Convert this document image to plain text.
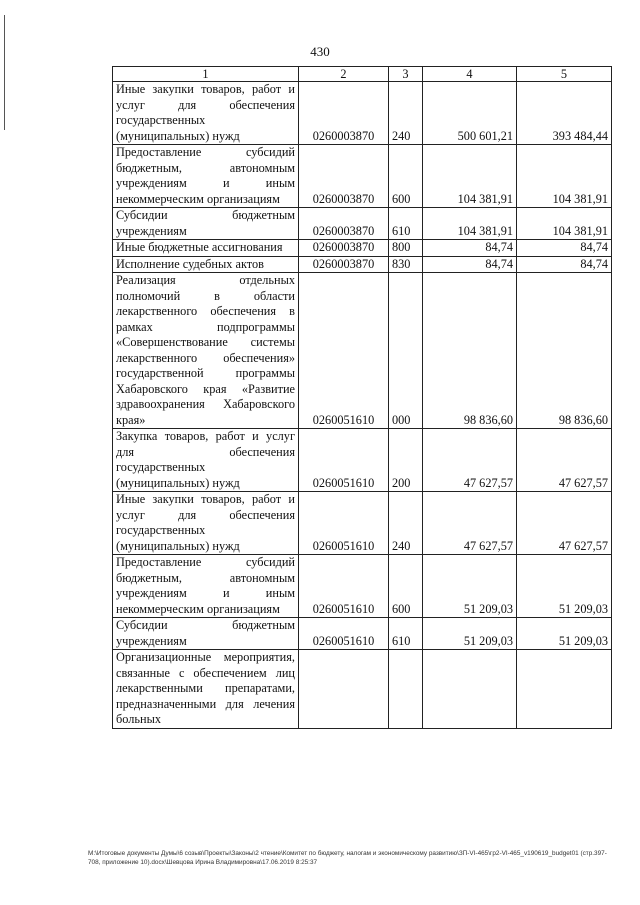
430
1	2	3	4	5
Иные закупки товаров, работ и услуг для обеспечения государственных (муниципальных) нужд	0260003870	240	500 601,21	393 484,44
Предоставление субсидий бюджетным, автономным учреждениям и иным некоммерческим организациям	0260003870	600	104 381,91	104 381,91
Субсидии бюджетным учреждениям	0260003870	610	104 381,91	104 381,91
Иные бюджетные ассигнования	0260003870	800	84,74	84,74
Исполнение судебных актов	0260003870	830	84,74	84,74
Реализация отдельных полномочий в области лекарственного обеспечения в рамках подпрограммы «Совершенствование системы лекарственного обеспечения» государственной программы Хабаровского края «Развитие здравоохранения Хабаровского края»	0260051610	000	98 836,60	98 836,60
Закупка товаров, работ и услуг для обеспечения государственных (муниципальных) нужд	0260051610	200	47 627,57	47 627,57
Иные закупки товаров, работ и услуг для обеспечения государственных (муниципальных) нужд	0260051610	240	47 627,57	47 627,57
Предоставление субсидий бюджетным, автономным учреждениям и иным некоммерческим организациям	0260051610	600	51 209,03	51 209,03
Субсидии бюджетным учреждениям	0260051610	610	51 209,03	51 209,03
Организационные мероприятия, связанные с обеспечением лиц лекарственными препаратами, предназначенными для лечения больных				
М:\Итоговые документы Думы\6 созыв\Проекты\Законы\2 чтение\Комитет по бюджету, налогам и экономическому развитию\ЗП-VI-465\гр2-VI-465_v190619_budget01 (стр.397-708, приложение 10).docx\Шевцова Ирина Владимировна\17.06.2019 8:25:37
